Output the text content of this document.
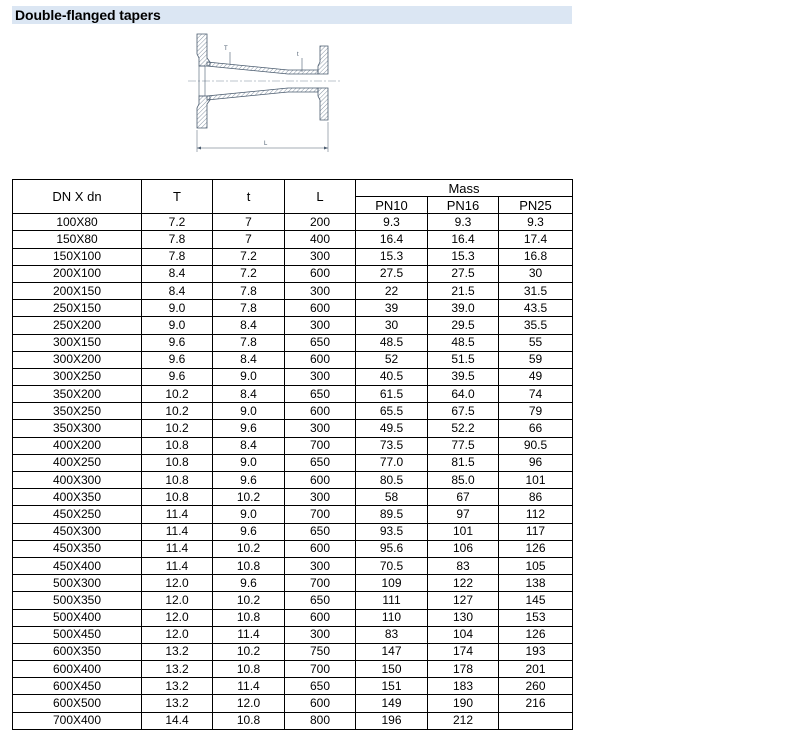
Double-flanged tapers
T
t
L
DN X dn	T	t	L	Mass		
				PN10	PN16	PN25
100X80	7.2	7	200	9.3	9.3	9.3
150X80	7.8	7	400	16.4	16.4	17.4
150X100	7.8	7.2	300	15.3	15.3	16.8
200X100	8.4	7.2	600	27.5	27.5	30
200X150	8.4	7.8	300	22	21.5	31.5
250X150	9.0	7.8	600	39	39.0	43.5
250X200	9.0	8.4	300	30	29.5	35.5
300X150	9.6	7.8	650	48.5	48.5	55
300X200	9.6	8.4	600	52	51.5	59
300X250	9.6	9.0	300	40.5	39.5	49
350X200	10.2	8.4	650	61.5	64.0	74
350X250	10.2	9.0	600	65.5	67.5	79
350X300	10.2	9.6	300	49.5	52.2	66
400X200	10.8	8.4	700	73.5	77.5	90.5
400X250	10.8	9.0	650	77.0	81.5	96
400X300	10.8	9.6	600	80.5	85.0	101
400X350	10.8	10.2	300	58	67	86
450X250	11.4	9.0	700	89.5	97	112
450X300	11.4	9.6	650	93.5	101	117
450X350	11.4	10.2	600	95.6	106	126
450X400	11.4	10.8	300	70.5	83	105
500X300	12.0	9.6	700	109	122	138
500X350	12.0	10.2	650	111	127	145
500X400	12.0	10.8	600	110	130	153
500X450	12.0	11.4	300	83	104	126
600X350	13.2	10.2	750	147	174	193
600X400	13.2	10.8	700	150	178	201
600X450	13.2	11.4	650	151	183	260
600X500	13.2	12.0	600	149	190	216
700X400	14.4	10.8	800	196	212	
